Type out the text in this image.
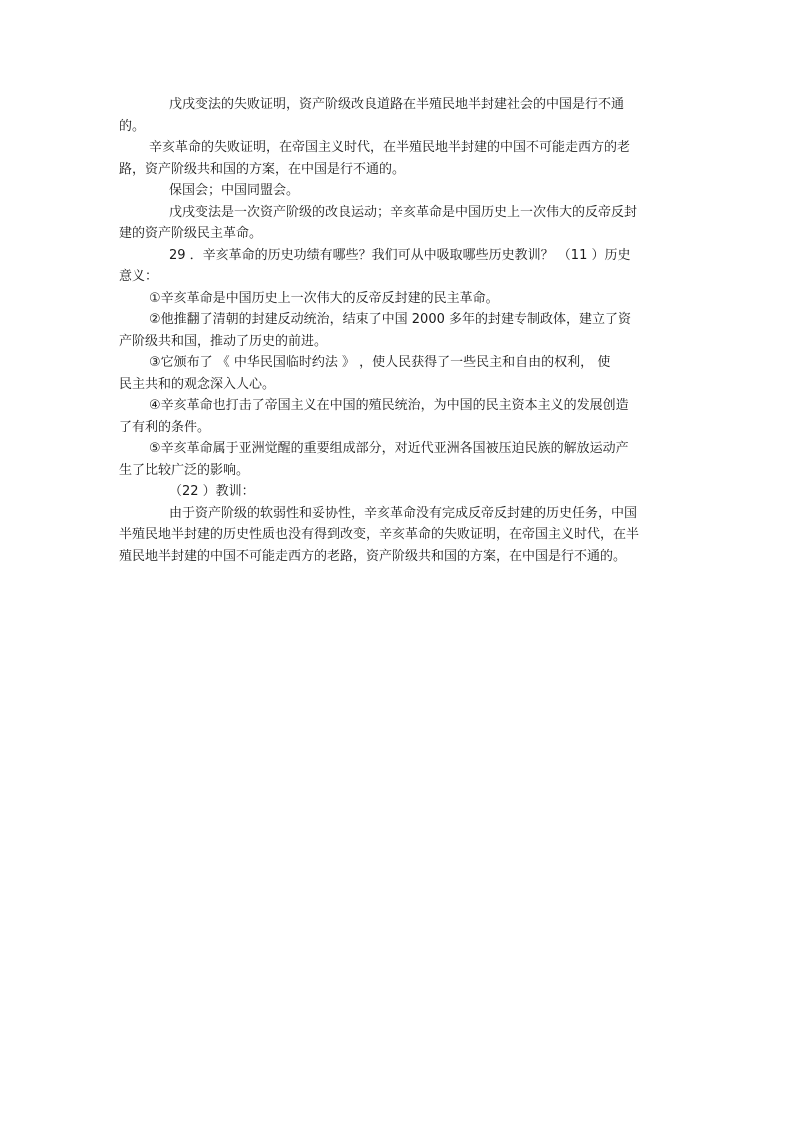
戊戌变法的失败证明，资产阶级改良道路在半殖民地半封建社会的中国是行不通

的。

辛亥革命的失败证明，在帝国主义时代，在半殖民地半封建的中国不可能走西方的老

路，资产阶级共和国的方案，在中国是行不通的。

保国会；中国同盟会。

戊戌变法是一次资产阶级的改良运动；辛亥革命是中国历史上一次伟大的反帝反封

建的资产阶级民主革命。

29 ．辛亥革命的历史功绩有哪些？我们可从中吸取哪些历史教训？ （11 ）历史

意义：

①辛亥革命是中国历史上一次伟大的反帝反封建的民主革命。

②他推翻了清朝的封建反动统治，结束了中国 2000 多年的封建专制政体，建立了资

产阶级共和国，推动了历史的前进。

③它颁布了 《 中华民国临时约法 》 ，使人民获得了一些民主和自由的权利， 使

民主共和的观念深入人心。

④辛亥革命也打击了帝国主义在中国的殖民统治，为中国的民主资本主义的发展创造

了有利的条件。

⑤辛亥革命属于亚洲觉醒的重要组成部分，对近代亚洲各国被压迫民族的解放运动产

生了比较广泛的影响。

（22 ）教训：

由于资产阶级的软弱性和妥协性，辛亥革命没有完成反帝反封建的历史任务，中国

半殖民地半封建的历史性质也没有得到改变，辛亥革命的失败证明，在帝国主义时代，在半

殖民地半封建的中国不可能走西方的老路，资产阶级共和国的方案，在中国是行不通的。
